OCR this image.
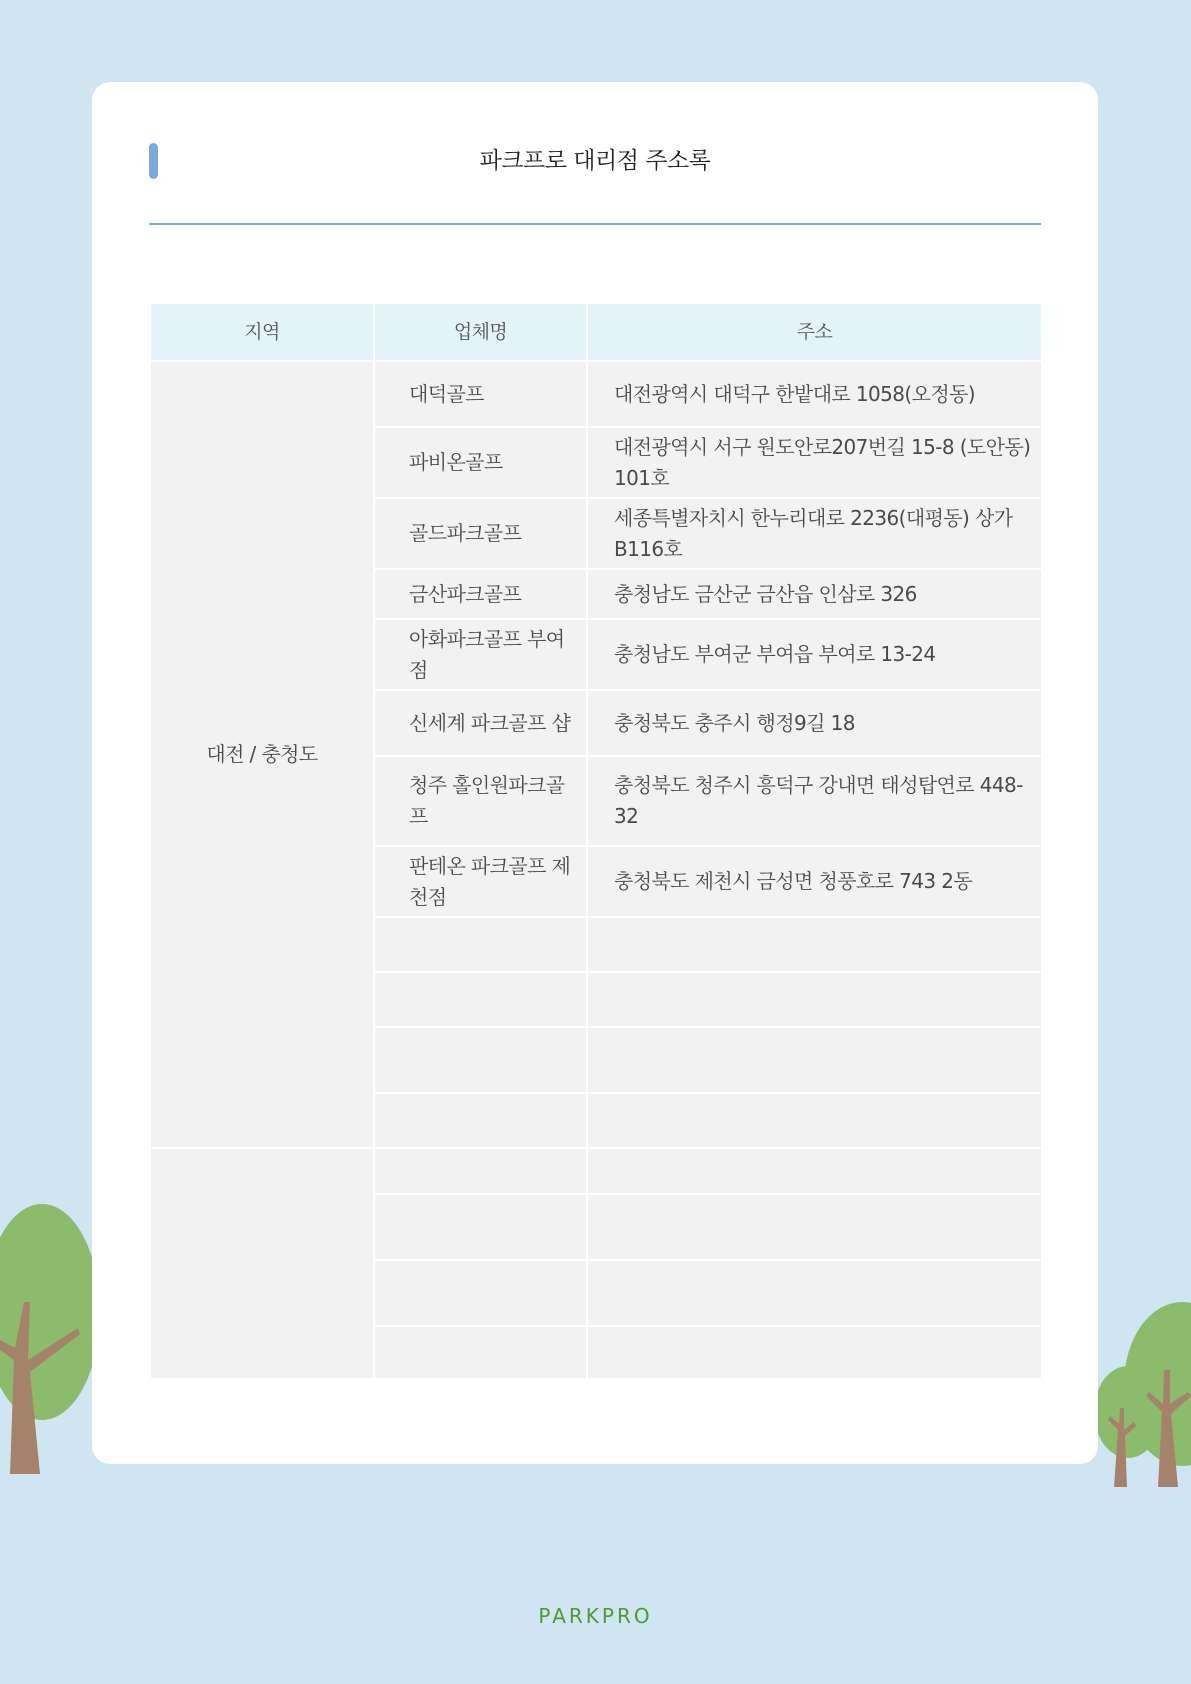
파크프로 대리점 주소록
지역	업체명	주소
대전 / 충청도	대덕골프	대전광역시 대덕구 한밭대로 1058(오정동)
	파비온골프	대전광역시 서구 원도안로207번길 15-8 (도안동) 101호
	골드파크골프	세종특별자치시 한누리대로 2236(대평동) 상가 B116호
	금산파크골프	충청남도 금산군 금산읍 인삼로 326
	아화파크골프 부여점	충청남도 부여군 부여읍 부여로 13-24
	신세계 파크골프 샵	충청북도 충주시 행정9길 18
	청주 홀인원파크골프	충청북도 청주시 흥덕구 강내면 태성탑연로 448-32
	판테온 파크골프 제천점	충청북도 제천시 금성면 청풍호로 743 2동

PARKPRO
